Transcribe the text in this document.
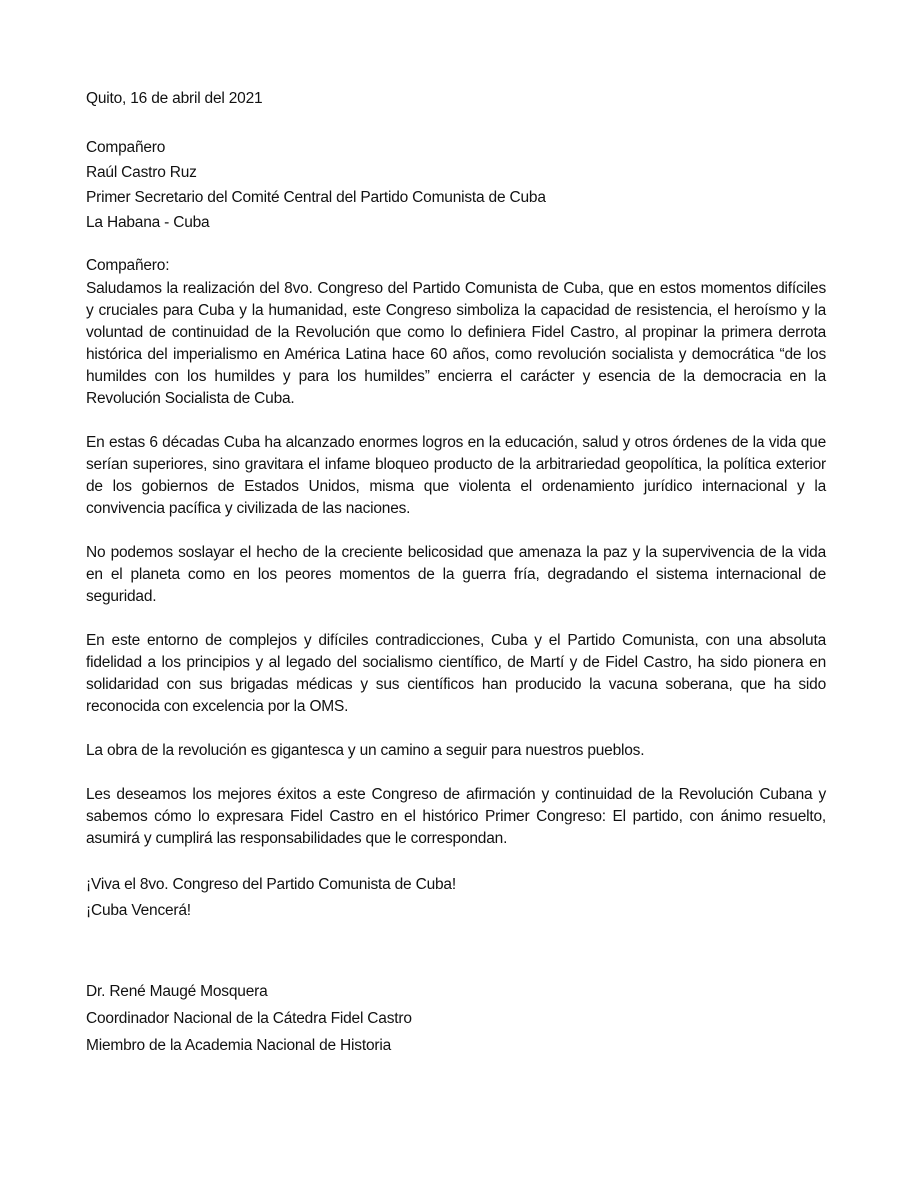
Quito, 16 de abril del 2021

Compañero

Raúl Castro Ruz

Primer Secretario del Comité Central del Partido Comunista de Cuba

La Habana - Cuba

Compañero:

Saludamos la realización del 8vo. Congreso del Partido Comunista de Cuba, que en estos momentos difíciles y cruciales para Cuba y la humanidad, este Congreso simboliza la capacidad de resistencia, el heroísmo y la voluntad de continuidad de la Revolución que como lo definiera Fidel Castro, al propinar la primera derrota histórica del imperialismo en América Latina hace 60 años, como revolución socialista y democrática “de los humildes con los humildes y para los humildes” encierra el carácter y esencia de la democracia en la Revolución Socialista de Cuba.

En estas 6 décadas Cuba ha alcanzado enormes logros en la educación, salud y otros órdenes de la vida que serían superiores, sino gravitara el infame bloqueo producto de la arbitrariedad geopolítica, la política exterior de los gobiernos de Estados Unidos, misma que violenta el ordenamiento jurídico internacional y la convivencia pacífica y civilizada de las naciones.

No podemos soslayar el hecho de la creciente belicosidad que amenaza la paz y la supervivencia de la vida en el planeta como en los peores momentos de la guerra fría, degradando el sistema internacional de seguridad.

En este entorno de complejos y difíciles contradicciones, Cuba y el Partido Comunista, con una absoluta fidelidad a los principios y al legado del socialismo científico, de Martí y de Fidel Castro, ha sido pionera en solidaridad con sus brigadas médicas y sus científicos han producido la vacuna soberana, que ha sido reconocida con excelencia por la OMS.

La obra de la revolución es gigantesca y un camino a seguir para nuestros pueblos.

Les deseamos los mejores éxitos a este Congreso de afirmación y continuidad de la Revolución Cubana y sabemos cómo lo expresara Fidel Castro en el histórico Primer Congreso: El partido, con ánimo resuelto, asumirá y cumplirá las responsabilidades que le correspondan.

¡Viva el 8vo. Congreso del Partido Comunista de Cuba!

¡Cuba Vencerá!

Dr. René Maugé Mosquera

Coordinador Nacional de la Cátedra Fidel Castro

Miembro de la Academia Nacional de Historia
